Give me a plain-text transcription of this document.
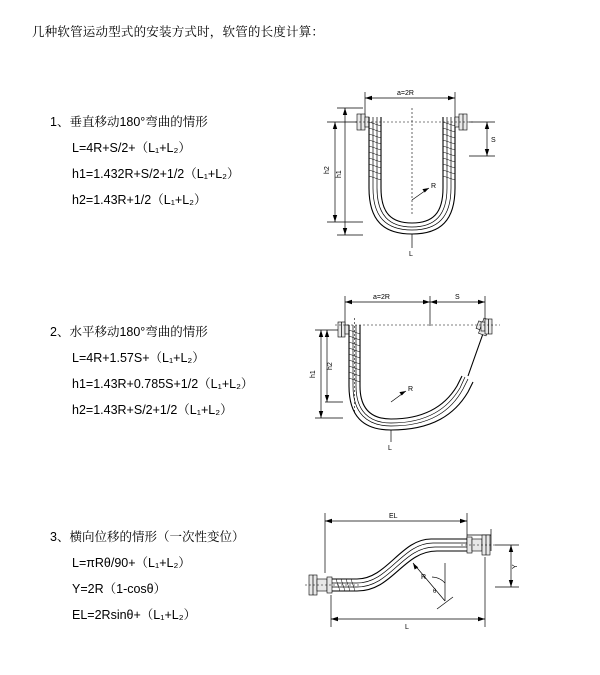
几种软管运动型式的安装方式时，软管的长度计算：
1、垂直移动180°弯曲的情形
L=4R+S/2+（L₁+L₂）
h1=1.432R+S/2+1/2（L₁+L₂）
h2=1.43R+1/2（L₁+L₂）
a=2R
h2
h1
S
R
L
2、水平移动180°弯曲的情形
L=4R+1.57S+（L₁+L₂）
h1=1.43R+0.785S+1/2（L₁+L₂）
h2=1.43R+S/2+1/2（L₁+L₂）
a=2R	S
h1
h2
R
L
3、横向位移的情形（一次性变位）
L=πRθ/90+（L₁+L₂）
Y=2R（1-cosθ）
EL=2Rsinθ+（L₁+L₂）
EL
Y
R
θ
L
